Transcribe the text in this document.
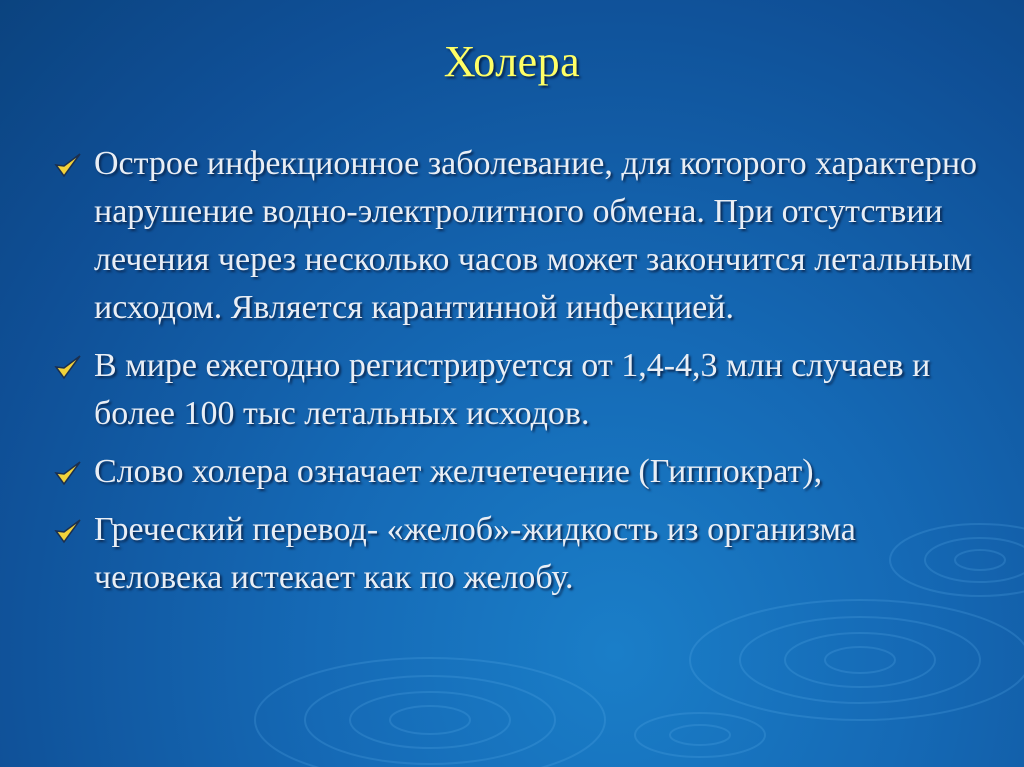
Холера
Острое инфекционное заболевание, для которого характерно нарушение водно-электролитного обмена. При отсутствии лечения через несколько часов может закончится летальным исходом. Является карантинной инфекцией.
В мире ежегодно регистрируется от 1,4-4,3 млн случаев и более 100 тыс летальных исходов.
Слово холера означает желчетечение (Гиппократ),
Греческий перевод- «желоб»-жидкость из организма человека истекает как по желобу.
